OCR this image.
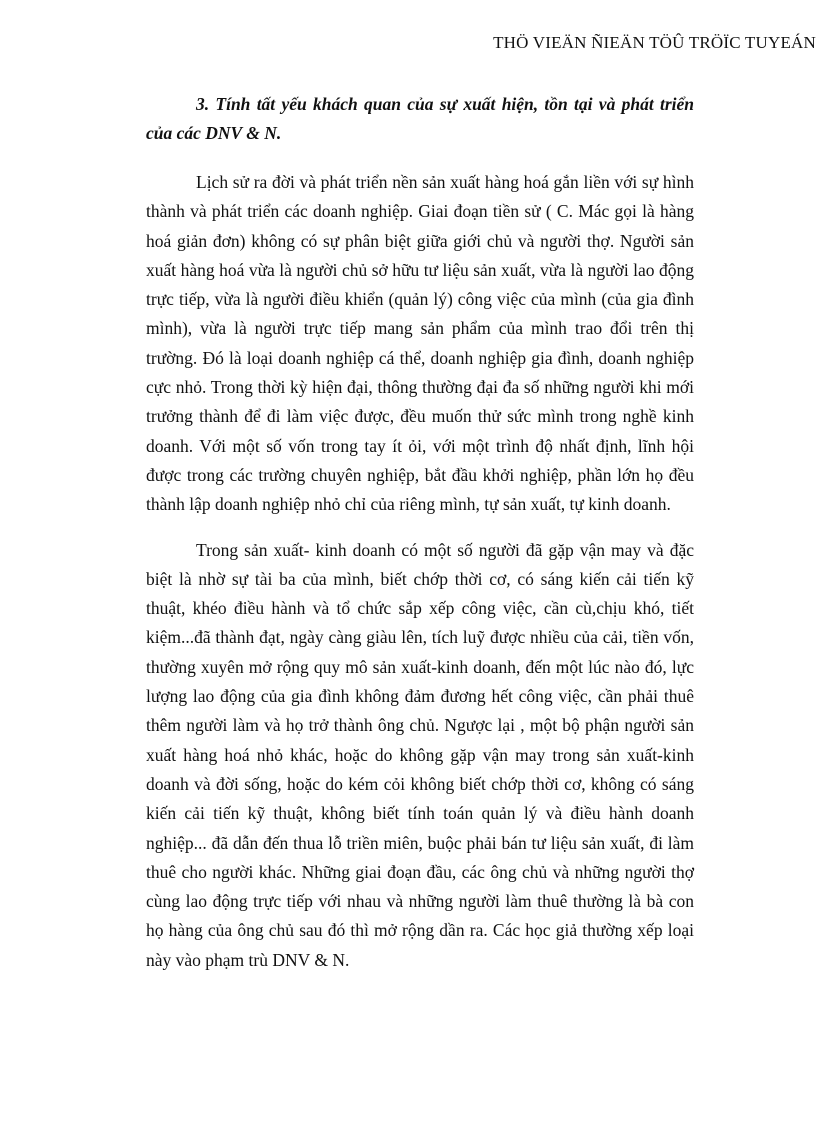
THÖ VIEÄN ÑIEÄN TÖÛ TRÖÏC TUYEÁN

3. Tính tất yếu khách quan của sự xuất hiện, tồn tại và phát triển của các DNV & N.

Lịch sử ra đời và phát triển nền sản xuất hàng hoá gắn liền với sự hình thành và phát triển các doanh nghiệp. Giai đoạn tiền sử ( C. Mác gọi là hàng hoá giản đơn) không có sự phân biệt giữa giới chủ và người thợ. Người sản xuất hàng hoá vừa là người chủ sở hữu tư liệu sản xuất, vừa là người lao động trực tiếp, vừa là người điều khiển (quản lý) công việc của mình (của gia đình mình), vừa là người trực tiếp mang sản phẩm của mình trao đổi trên thị trường. Đó là loại doanh nghiệp cá thể, doanh nghiệp gia đình, doanh nghiệp cực nhỏ. Trong thời kỳ hiện đại, thông thường đại đa số những người khi mới trưởng thành để đi làm việc được, đều muốn thử sức mình trong nghề kinh doanh. Với một số vốn trong tay ít ỏi, với một trình độ nhất định, lĩnh hội được trong các trường chuyên nghiệp, bắt đầu khởi nghiệp, phần lớn họ đều thành lập doanh nghiệp nhỏ chỉ của riêng mình, tự sản xuất, tự kinh doanh.

Trong sản xuất- kinh doanh có một số người đã gặp vận may và đặc biệt là nhờ sự tài ba của mình, biết chớp thời cơ, có sáng kiến cải tiến kỹ thuật, khéo điều hành và tổ chức sắp xếp công việc, cần cù,chịu khó, tiết kiệm...đã thành đạt, ngày càng giàu lên, tích luỹ được nhiều của cải, tiền vốn, thường xuyên mở rộng quy mô sản xuất-kinh doanh, đến một lúc nào đó, lực lượng lao động của gia đình không đảm đương hết công việc, cần phải thuê thêm người làm và họ trở thành ông chủ. Ngược lại , một bộ phận người sản xuất hàng hoá nhỏ khác, hoặc do không gặp vận may trong sản xuất-kinh doanh và đời sống, hoặc do kém cỏi không biết chớp thời cơ, không có sáng kiến cải tiến kỹ thuật, không biết tính toán quản lý và điều hành doanh nghiệp... đã dẫn đến thua lỗ triền miên, buộc phải bán tư liệu sản xuất, đi làm thuê cho người khác. Những giai đoạn đầu, các ông chủ và những người thợ cùng lao động trực tiếp với nhau và những người làm thuê thường là bà con họ hàng của ông chủ sau đó thì mở rộng dần ra. Các học giả thường xếp loại này vào phạm trù DNV & N.
